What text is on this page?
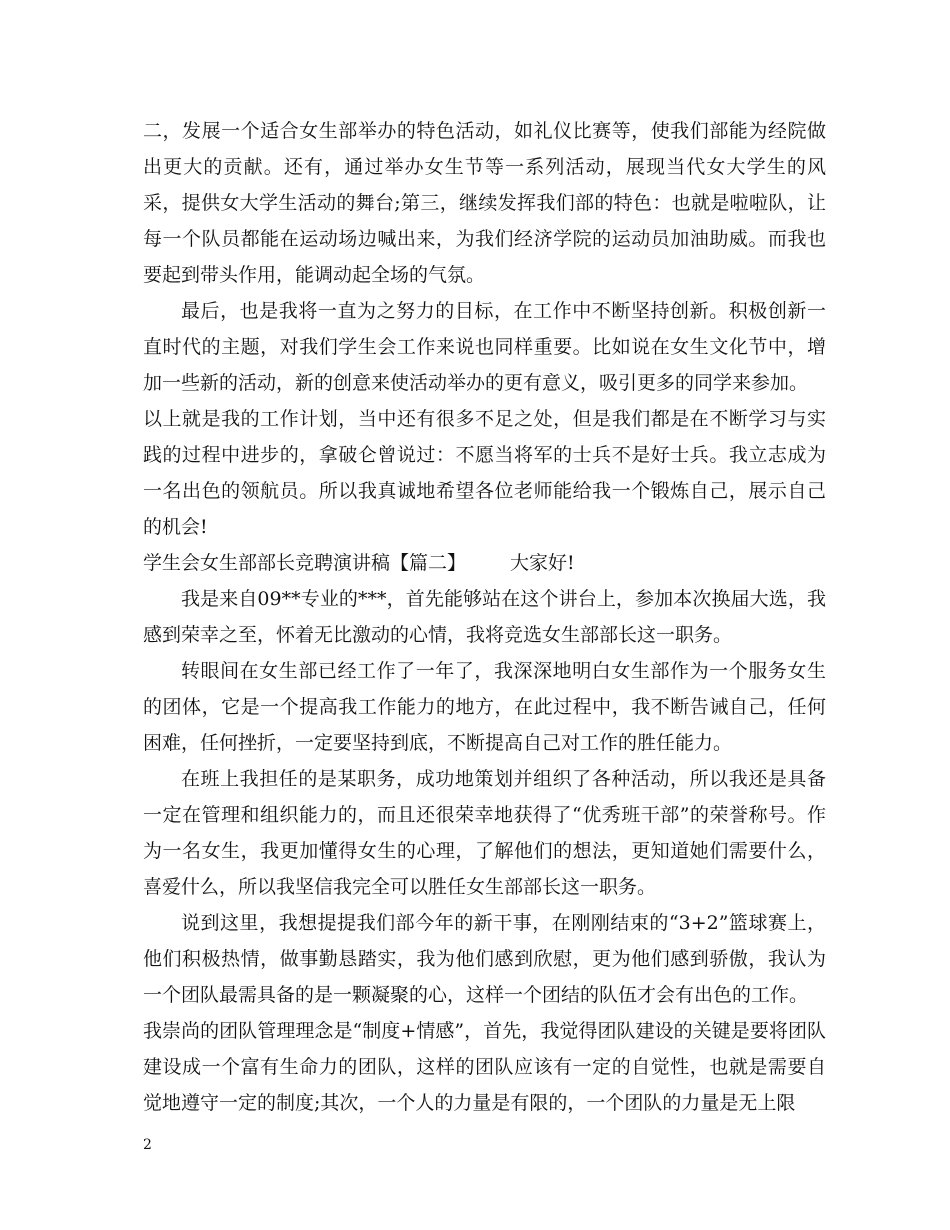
二，发展一个适合女生部举办的特色活动，如礼仪比赛等，使我们部能为经院做出更大的贡献。还有，通过举办女生节等一系列活动，展现当代女大学生的风采，提供女大学生活动的舞台;第三，继续发挥我们部的特色：也就是啦啦队，让每一个队员都能在运动场边喊出来，为我们经济学院的运动员加油助威。而我也要起到带头作用，能调动起全场的气氛。

最后，也是我将一直为之努力的目标，在工作中不断坚持创新。积极创新一直时代的主题，对我们学生会工作来说也同样重要。比如说在女生文化节中，增加一些新的活动，新的创意来使活动举办的更有意义，吸引更多的同学来参加。

以上就是我的工作计划，当中还有很多不足之处，但是我们都是在不断学习与实践的过程中进步的，拿破仑曾说过：不愿当将军的士兵不是好士兵。我立志成为一名出色的领航员。所以我真诚地希望各位老师能给我一个锻炼自己，展示自己的机会!

学生会女生部部长竞聘演讲稿【篇二】 大家好!

我是来自09**专业的***，首先能够站在这个讲台上，参加本次换届大选，我感到荣幸之至，怀着无比激动的心情，我将竞选女生部部长这一职务。

转眼间在女生部已经工作了一年了，我深深地明白女生部作为一个服务女生的团体，它是一个提高我工作能力的地方，在此过程中，我不断告诫自己，任何困难，任何挫折，一定要坚持到底，不断提高自己对工作的胜任能力。

在班上我担任的是某职务，成功地策划并组织了各种活动，所以我还是具备一定在管理和组织能力的，而且还很荣幸地获得了“优秀班干部”的荣誉称号。作为一名女生，我更加懂得女生的心理，了解他们的想法，更知道她们需要什么，喜爱什么，所以我坚信我完全可以胜任女生部部长这一职务。

说到这里，我想提提我们部今年的新干事，在刚刚结束的“3+2”篮球赛上，他们积极热情，做事勤恳踏实，我为他们感到欣慰，更为他们感到骄傲，我认为一个团队最需具备的是一颗凝聚的心，这样一个团结的队伍才会有出色的工作。

我崇尚的团队管理理念是“制度+情感”，首先，我觉得团队建设的关键是要将团队建设成一个富有生命力的团队，这样的团队应该有一定的自觉性，也就是需要自觉地遵守一定的制度;其次，一个人的力量是有限的，一个团队的力量是无上限

2
